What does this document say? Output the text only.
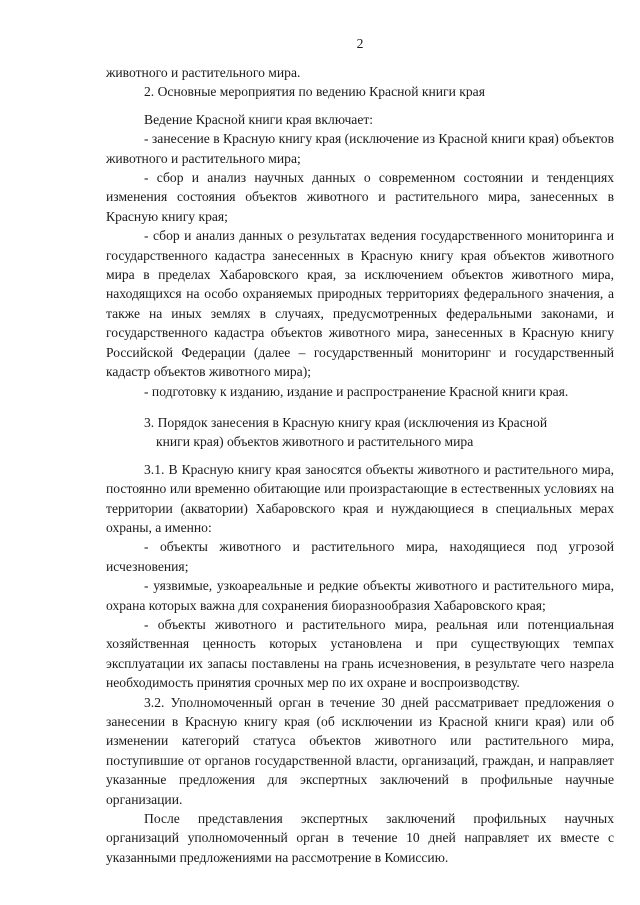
2

животного и растительного мира.

2. Основные мероприятия по ведению Красной книги края

Ведение Красной книги края включает:

- занесение в Красную книгу края (исключение из Красной книги края) объектов животного и растительного мира;

- сбор и анализ научных данных о современном состоянии и тенденциях изменения состояния объектов животного и растительного мира, занесенных в Красную книгу края;

- сбор и анализ данных о результатах ведения государственного мониторинга и государственного кадастра занесенных в Красную книгу края объектов животного мира в пределах Хабаровского края, за исключением объектов животного мира, находящихся на особо охраняемых природных территориях федерального значения, а также на иных землях в случаях, предусмотренных федеральными законами, и государственного кадастра объектов животного мира, занесенных в Красную книгу Российской Федерации (далее – государственный мониторинг и государственный кадастр объектов животного мира);

- подготовку к изданию, издание и распространение Красной книги края.

3. Порядок занесения в Красную книгу края (исключения из Красной
книги края) объектов животного и растительного мира

3.1. В Красную книгу края заносятся объекты животного и растительного мира, постоянно или временно обитающие или произрастающие в естественных условиях на территории (акватории) Хабаровского края и нуждающиеся в специальных мерах охраны, а именно:

- объекты животного и растительного мира, находящиеся под угрозой исчезновения;

- уязвимые, узкоареальные и редкие объекты животного и растительного мира, охрана которых важна для сохранения биоразнообразия Хабаровского края;

- объекты животного и растительного мира, реальная или потенциальная хозяйственная ценность которых установлена и при существующих темпах эксплуатации их запасы поставлены на грань исчезновения, в результате чего назрела необходимость принятия срочных мер по их охране и воспроизводству.

3.2. Уполномоченный орган в течение 30 дней рассматривает предложения о занесении в Красную книгу края (об исключении из Красной книги края) или об изменении категорий статуса объектов животного или растительного мира, поступившие от органов государственной власти, организаций, граждан, и направляет указанные предложения для экспертных заключений в профильные научные организации.

После представления экспертных заключений профильных научных организаций уполномоченный орган в течение 10 дней направляет их вместе с указанными предложениями на рассмотрение в Комиссию.
